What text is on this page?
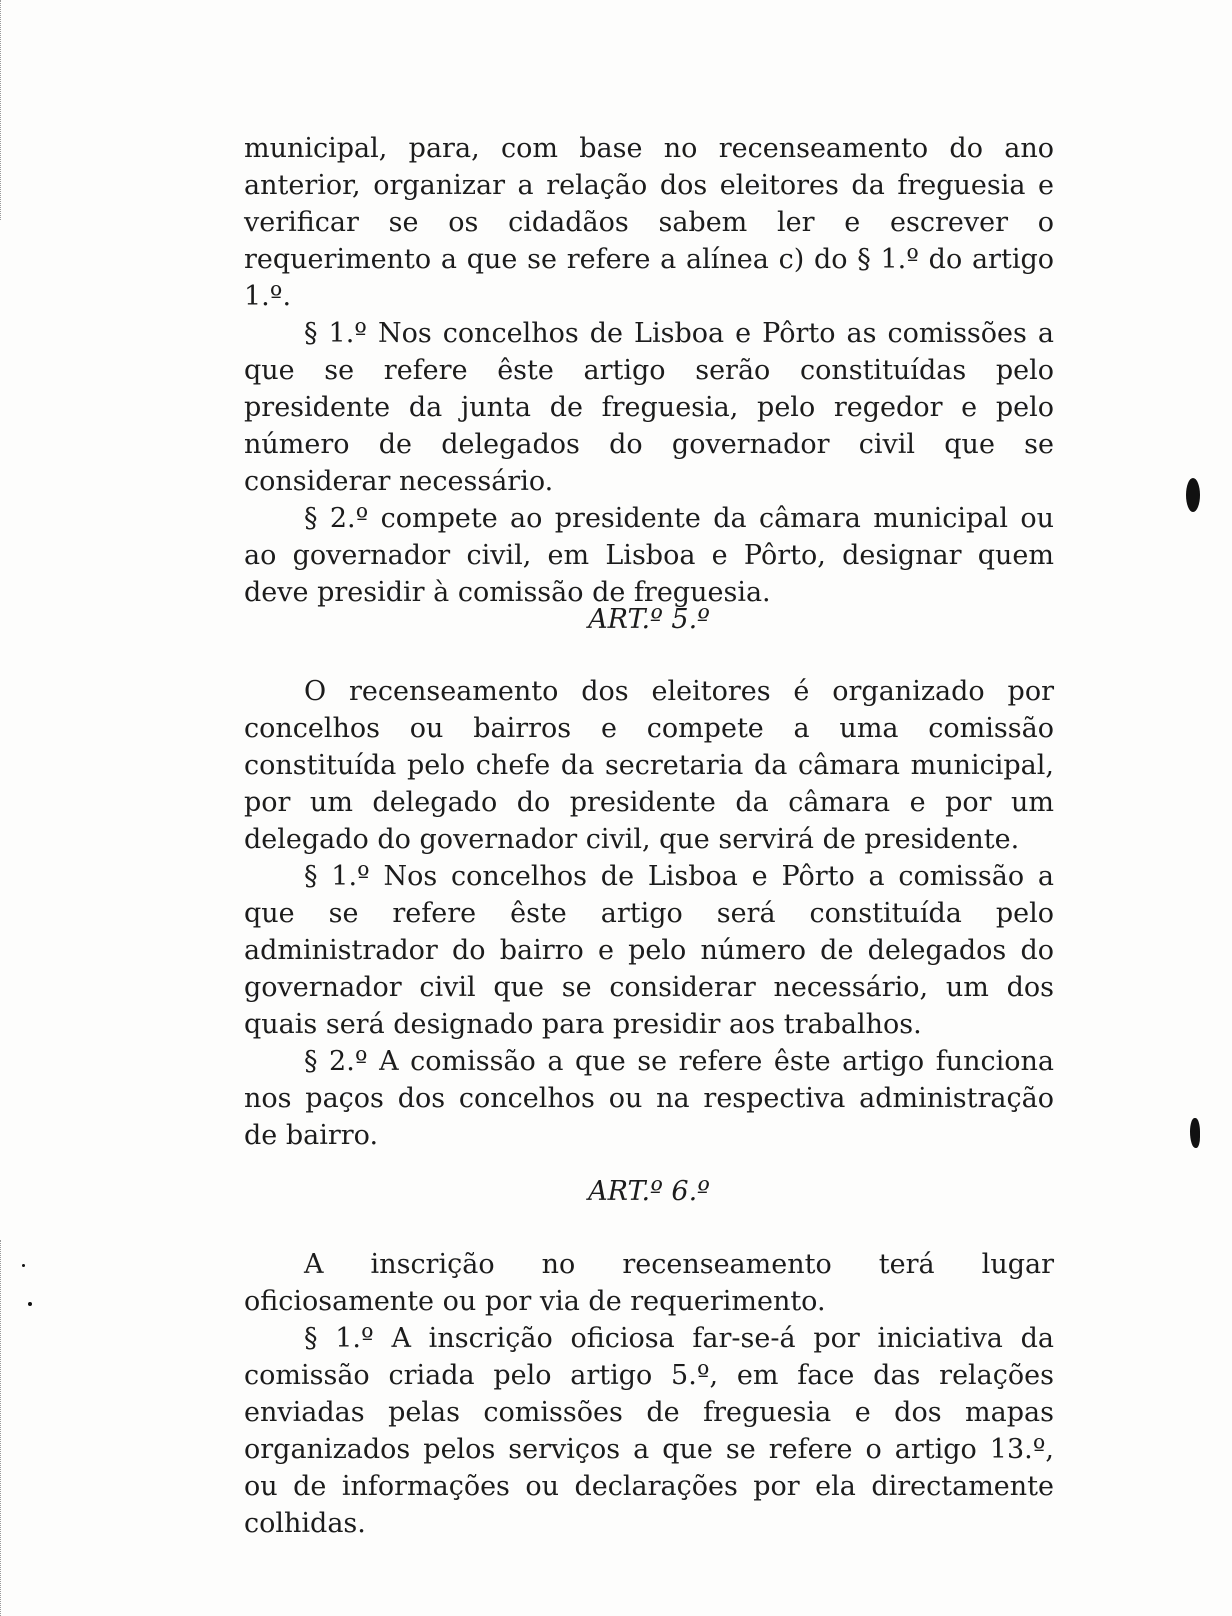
municipal, para, com base no recenseamento do ano anterior, organizar a relação dos eleitores da freguesia e verificar se os cidadãos sabem ler e escrever o requerimento a que se refere a alínea c) do § 1.º do artigo 1.º.

§ 1.º Nos concelhos de Lisboa e Pôrto as comissões a que se refere êste artigo serão constituídas pelo presidente da junta de freguesia, pelo regedor e pelo número de delegados do governador civil que se considerar necessário.

§ 2.º compete ao presidente da câmara municipal ou ao governador civil, em Lisboa e Pôrto, designar quem deve presidir à comissão de freguesia.

ART.º 5.º

O recenseamento dos eleitores é organizado por concelhos ou bairros e compete a uma comissão constituída pelo chefe da secretaria da câmara municipal, por um delegado do presidente da câmara e por um delegado do governador civil, que servirá de presidente.

§ 1.º Nos concelhos de Lisboa e Pôrto a comissão a que se refere êste artigo será constituída pelo administrador do bairro e pelo número de delegados do governador civil que se considerar necessário, um dos quais será designado para presidir aos trabalhos.

§ 2.º A comissão a que se refere êste artigo funciona nos paços dos concelhos ou na respectiva administração de bairro.

ART.º 6.º

A inscrição no recenseamento terá lugar oficiosamente ou por via de requerimento.

§ 1.º A inscrição oficiosa far-se-á por iniciativa da comissão criada pelo artigo 5.º, em face das relações enviadas pelas comissões de freguesia e dos mapas organizados pelos serviços a que se refere o artigo 13.º, ou de informações ou declarações por ela directamente colhidas.
